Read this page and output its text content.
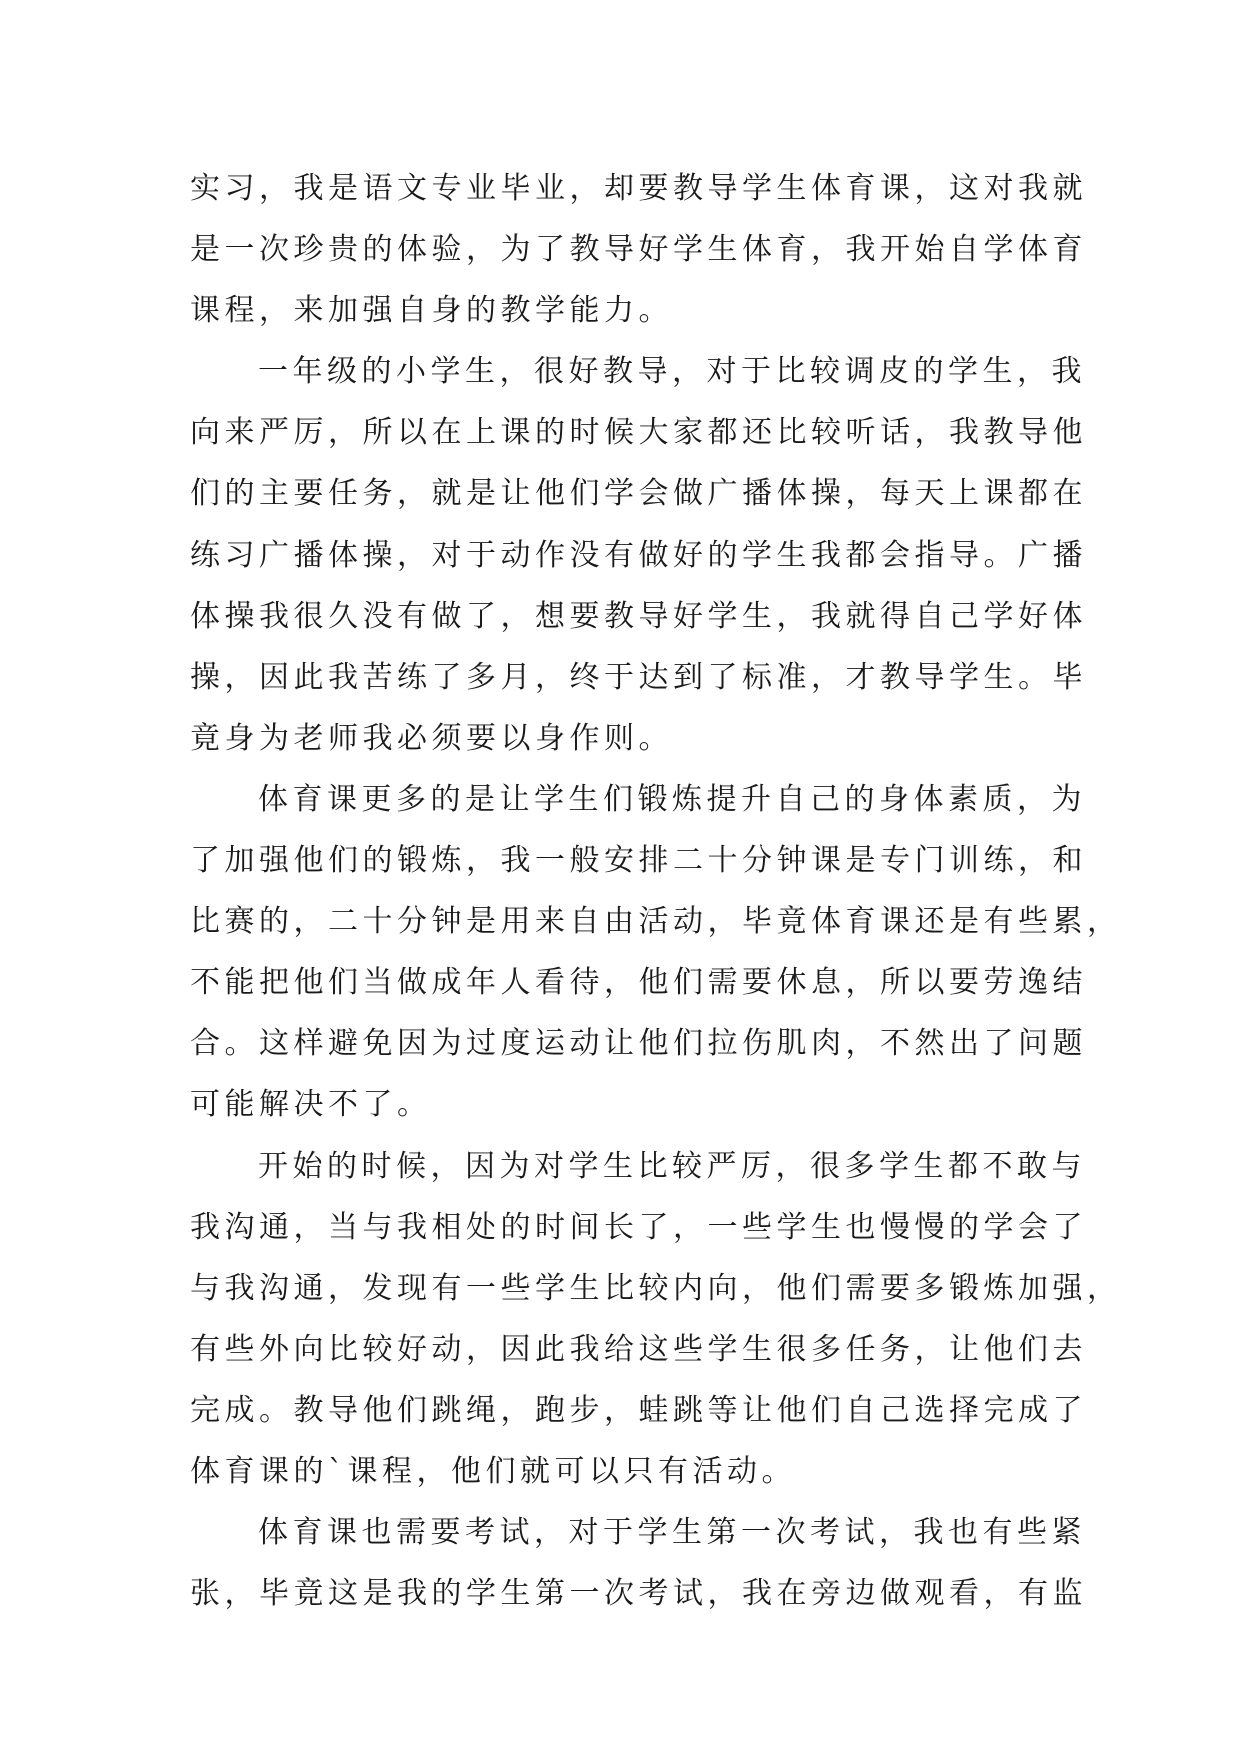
实习，我是语文专业毕业，却要教导学生体育课，这对我就
是一次珍贵的体验，为了教导好学生体育，我开始自学体育
课程，来加强自身的教学能力。
一年级的小学生，很好教导，对于比较调皮的学生，我
向来严厉，所以在上课的时候大家都还比较听话，我教导他
们的主要任务，就是让他们学会做广播体操，每天上课都在
练习广播体操，对于动作没有做好的学生我都会指导。广播
体操我很久没有做了，想要教导好学生，我就得自己学好体
操，因此我苦练了多月，终于达到了标准，才教导学生。毕
竟身为老师我必须要以身作则。
体育课更多的是让学生们锻炼提升自己的身体素质，为
了加强他们的锻炼，我一般安排二十分钟课是专门训练，和
比赛的，二十分钟是用来自由活动，毕竟体育课还是有些累，
不能把他们当做成年人看待，他们需要休息，所以要劳逸结
合。这样避免因为过度运动让他们拉伤肌肉，不然出了问题
可能解决不了。
开始的时候，因为对学生比较严厉，很多学生都不敢与
我沟通，当与我相处的时间长了，一些学生也慢慢的学会了
与我沟通，发现有一些学生比较内向，他们需要多锻炼加强，
有些外向比较好动，因此我给这些学生很多任务，让他们去
完成。教导他们跳绳，跑步，蛙跳等让他们自己选择完成了
体育课的`课程，他们就可以只有活动。
体育课也需要考试，对于学生第一次考试，我也有些紧
张，毕竟这是我的学生第一次考试，我在旁边做观看，有监
